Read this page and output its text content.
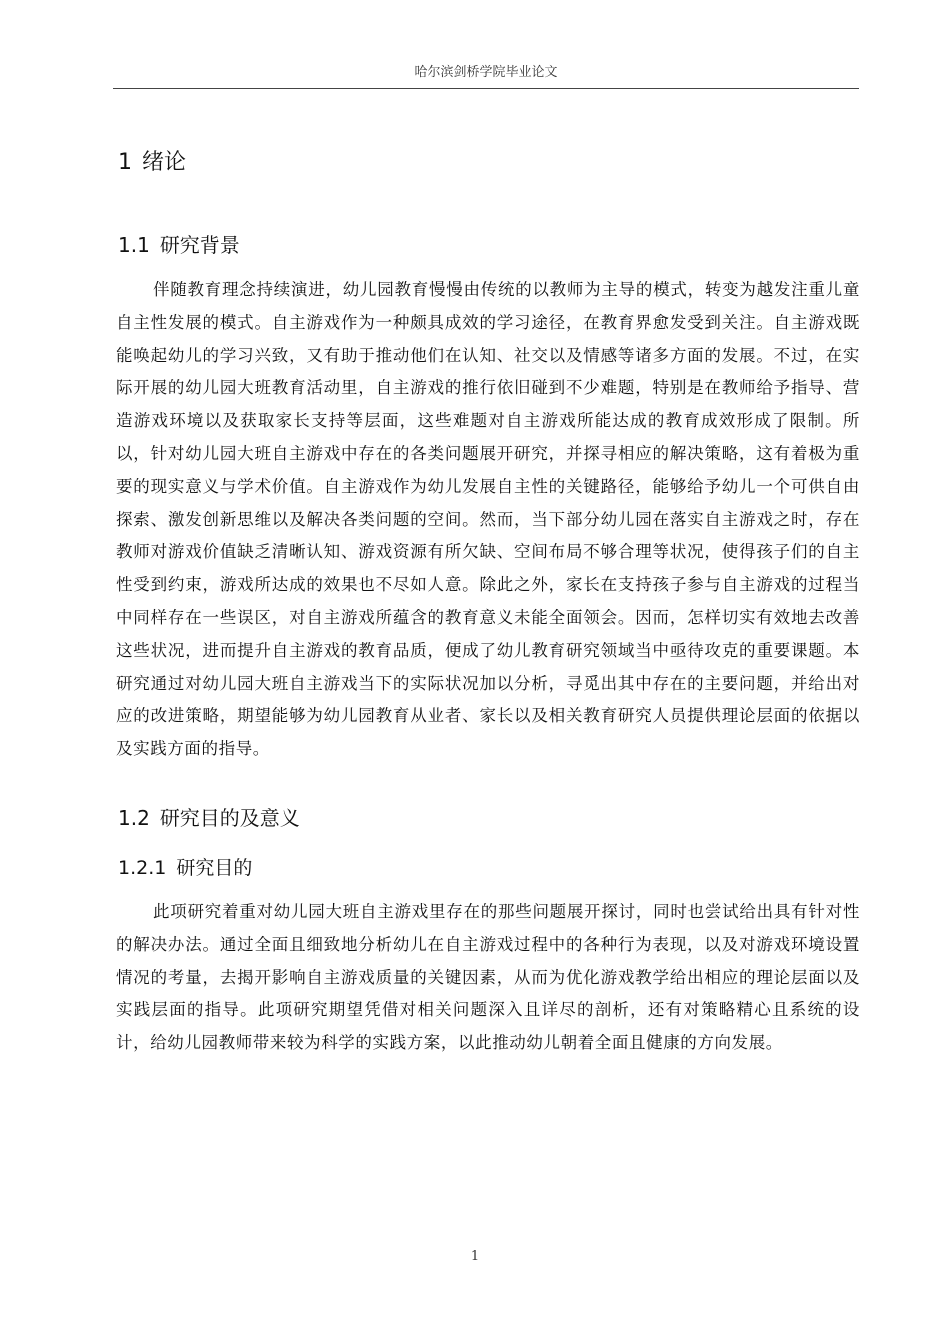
哈尔滨剑桥学院毕业论文
1 绪论
1.1 研究背景

伴随教育理念持续演进，幼儿园教育慢慢由传统的以教师为主导的模式，转变为越发注重儿童自主性发展的模式。自主游戏作为一种颇具成效的学习途径，在教育界愈发受到关注。自主游戏既能唤起幼儿的学习兴致，又有助于推动他们在认知、社交以及情感等诸多方面的发展。不过，在实际开展的幼儿园大班教育活动里，自主游戏的推行依旧碰到不少难题，特别是在教师给予指导、营造游戏环境以及获取家长支持等层面，这些难题对自主游戏所能达成的教育成效形成了限制。所以，针对幼儿园大班自主游戏中存在的各类问题展开研究，并探寻相应的解决策略，这有着极为重要的现实意义与学术价值。自主游戏作为幼儿发展自主性的关键路径，能够给予幼儿一个可供自由探索、激发创新思维以及解决各类问题的空间。然而，当下部分幼儿园在落实自主游戏之时，存在教师对游戏价值缺乏清晰认知、游戏资源有所欠缺、空间布局不够合理等状况，使得孩子们的自主性受到约束，游戏所达成的效果也不尽如人意。除此之外，家长在支持孩子参与自主游戏的过程当中同样存在一些误区，对自主游戏所蕴含的教育意义未能全面领会。因而，怎样切实有效地去改善这些状况，进而提升自主游戏的教育品质，便成了幼儿教育研究领域当中亟待攻克的重要课题。本研究通过对幼儿园大班自主游戏当下的实际状况加以分析，寻觅出其中存在的主要问题，并给出对应的改进策略，期望能够为幼儿园教育从业者、家长以及相关教育研究人员提供理论层面的依据以及实践方面的指导。

1.2 研究目的及意义
1.2.1 研究目的

此项研究着重对幼儿园大班自主游戏里存在的那些问题展开探讨，同时也尝试给出具有针对性的解决办法。通过全面且细致地分析幼儿在自主游戏过程中的各种行为表现，以及对游戏环境设置情况的考量，去揭开影响自主游戏质量的关键因素，从而为优化游戏教学给出相应的理论层面以及实践层面的指导。此项研究期望凭借对相关问题深入且详尽的剖析，还有对策略精心且系统的设计，给幼儿园教师带来较为科学的实践方案，以此推动幼儿朝着全面且健康的方向发展。

1
